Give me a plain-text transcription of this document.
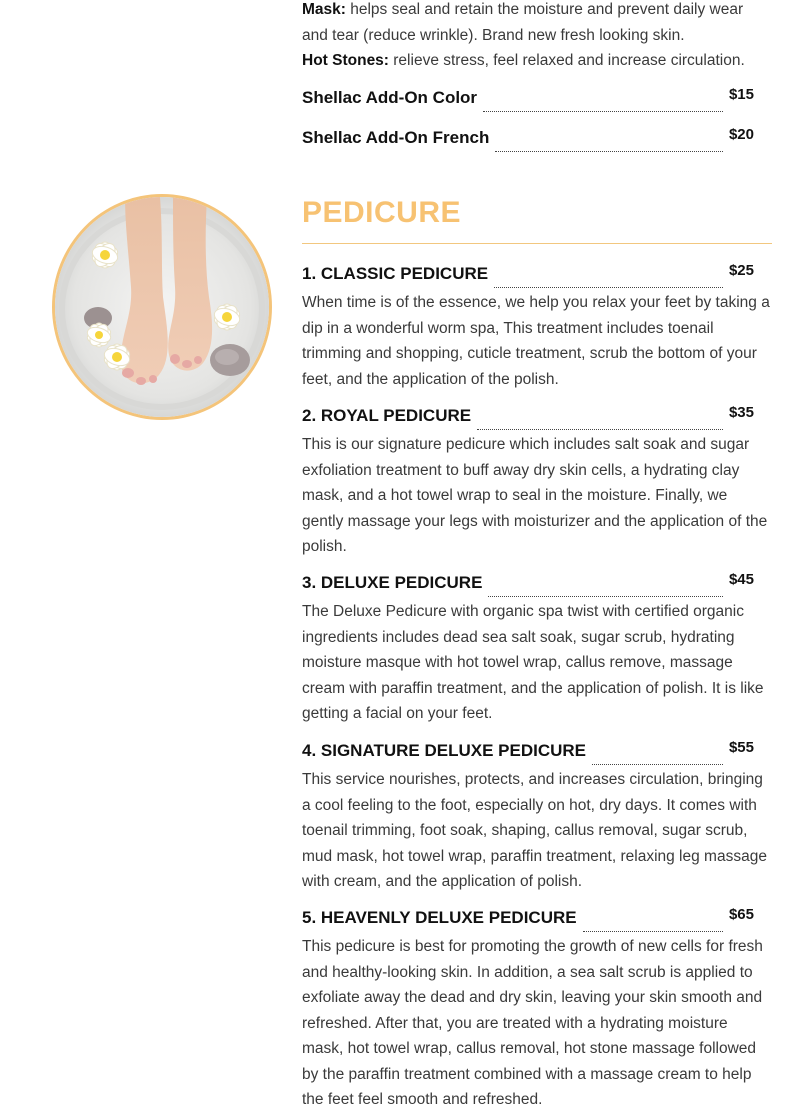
Mask: helps seal and retain the moisture and prevent daily wear and tear (reduce wrinkle). Brand new fresh looking skin.

Hot Stones: relieve stress, feel relaxed and increase circulation.

Shellac Add-On Color	$15
Shellac Add-On French	$20
PEDICURE
1. CLASSIC PEDICURE	$25

When time is of the essence, we help you relax your feet by taking a dip in a wonderful worm spa, This treatment includes toenail trimming and shopping, cuticle treatment, scrub the bottom of your feet, and the application of the polish.

2. ROYAL PEDICURE	$35

This is our signature pedicure which includes salt soak and sugar exfoliation treatment to buff away dry skin cells, a hydrating clay mask, and a hot towel wrap to seal in the moisture. Finally, we gently massage your legs with moisturizer and the application of the polish.

3. DELUXE PEDICURE	$45

The Deluxe Pedicure with organic spa twist with certified organic ingredients includes dead sea salt soak, sugar scrub, hydrating moisture masque with hot towel wrap, callus remove, massage cream with paraffin treatment, and the application of polish. It is like getting a facial on your feet.

4. SIGNATURE DELUXE PEDICURE	$55

This service nourishes, protects, and increases circulation, bringing a cool feeling to the foot, especially on hot, dry days. It comes with toenail trimming, foot soak, shaping, callus removal, sugar scrub, mud mask, hot towel wrap, paraffin treatment, relaxing leg massage with cream, and the application of polish.

5. HEAVENLY DELUXE PEDICURE	$65

This pedicure is best for promoting the growth of new cells for fresh and healthy-looking skin. In addition, a sea salt scrub is applied to exfoliate away the dead and dry skin, leaving your skin smooth and refreshed. After that, you are treated with a hydrating moisture mask, hot towel wrap, callus removal, hot stone massage followed by the paraffin treatment combined with a massage cream to help the feet feel smooth and refreshed.
